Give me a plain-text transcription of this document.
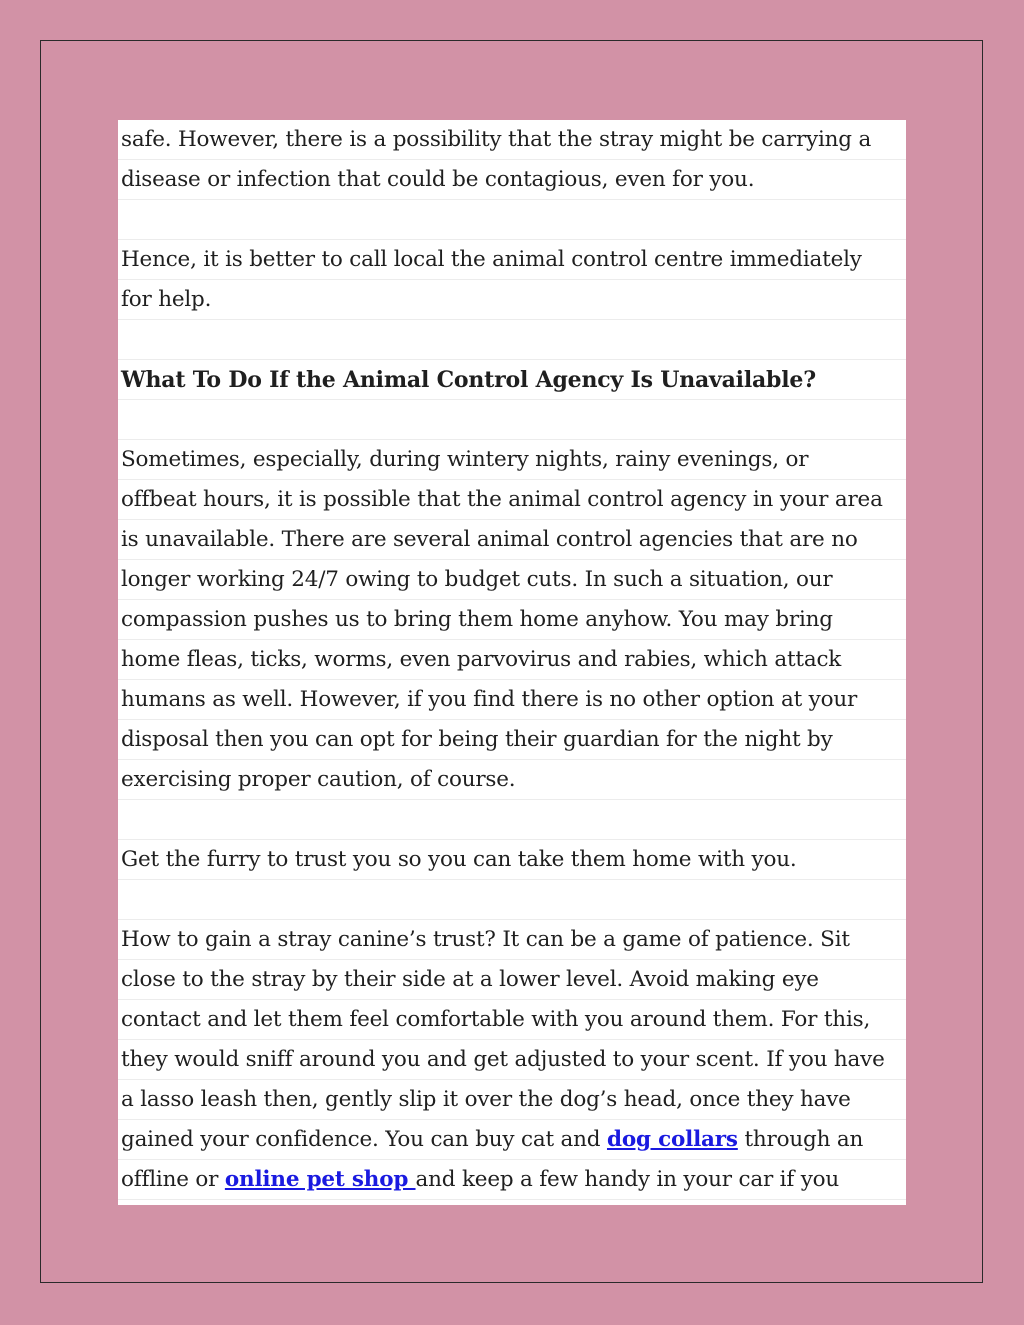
safe. However, there is a possibility that the stray might be carrying a
disease or infection that could be contagious, even for you.
Hence, it is better to call local the animal control centre immediately
for help.
What To Do If the Animal Control Agency Is Unavailable?
Sometimes, especially, during wintery nights, rainy evenings, or
offbeat hours, it is possible that the animal control agency in your area
is unavailable. There are several animal control agencies that are no
longer working 24/7 owing to budget cuts. In such a situation, our
compassion pushes us to bring them home anyhow. You may bring
home fleas, ticks, worms, even parvovirus and rabies, which attack
humans as well. However, if you find there is no other option at your
disposal then you can opt for being their guardian for the night by
exercising proper caution, of course.
Get the furry to trust you so you can take them home with you.
How to gain a stray canine’s trust? It can be a game of patience. Sit
close to the stray by their side at a lower level. Avoid making eye
contact and let them feel comfortable with you around them. For this,
they would sniff around you and get adjusted to your scent. If you have
a lasso leash then, gently slip it over the dog’s head, once they have
gained your confidence. You can buy cat and dog collars through an
offline or online pet shop and keep a few handy in your car if you
